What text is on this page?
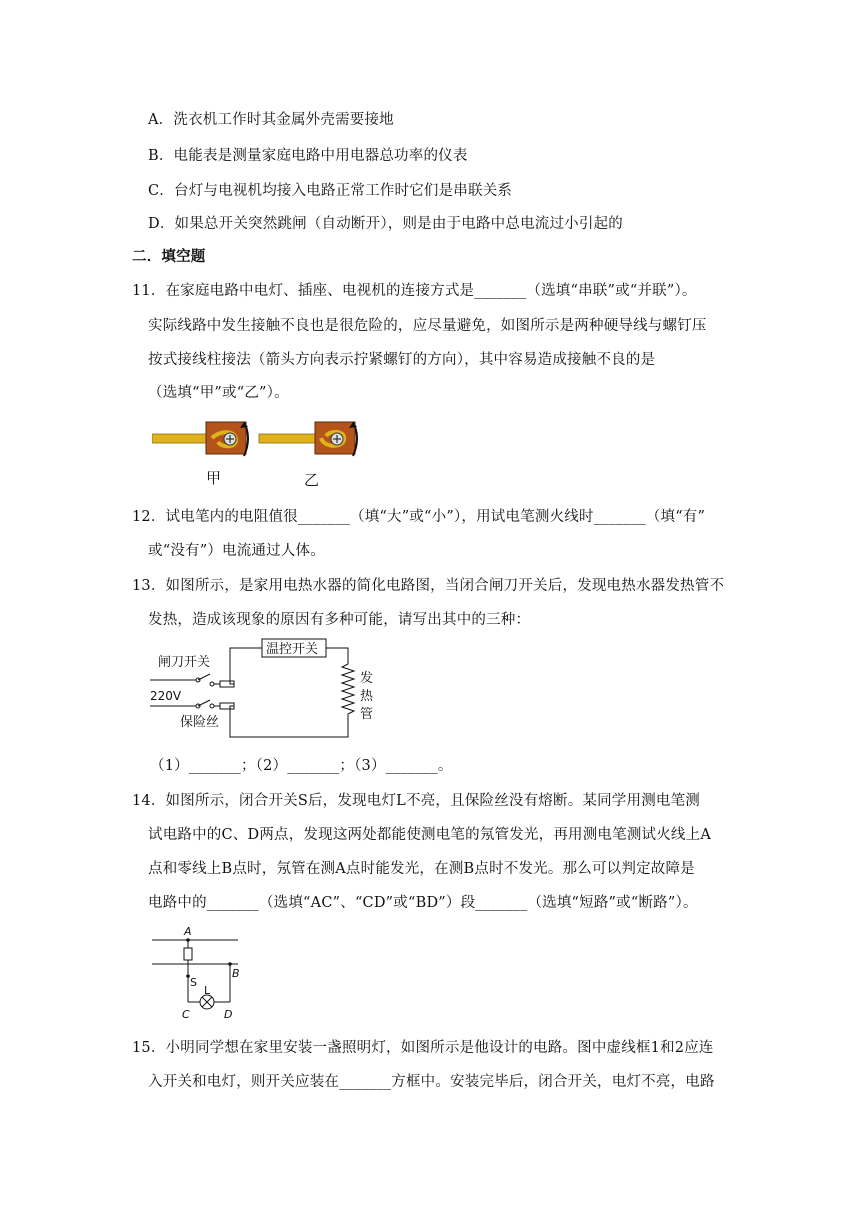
A．洗衣机工作时其金属外壳需要接地
B．电能表是测量家庭电路中用电器总功率的仪表
C．台灯与电视机均接入电路正常工作时它们是串联关系
D．如果总开关突然跳闸（自动断开），则是由于电路中总电流过小引起的
二．填空题
11．在家庭电路中电灯、插座、电视机的连接方式是_______（选填“串联”或“并联”）。
实际线路中发生接触不良也是很危险的，应尽量避免，如图所示是两种硬导线与螺钉压
按式接线柱接法（箭头方向表示拧紧螺钉的方向），其中容易造成接触不良的是
（选填“甲”或“乙”）。
甲	乙
12．试电笔内的电阻值很_______（填“大”或“小”），用试电笔测火线时_______（填“有”
或“没有”）电流通过人体。
13．如图所示，是家用电热水器的简化电路图，当闭合闸刀开关后，发现电热水器发热管不
发热，造成该现象的原因有多种可能，请写出其中的三种：
闸刀开关
220V
保险丝
温控开关
发
热
管
（1）_______；（2）_______；（3）_______。
14．如图所示，闭合开关S后，发现电灯L不亮，且保险丝没有熔断。某同学用测电笔测
试电路中的C、D两点，发现这两处都能使测电笔的氖管发光，再用测电笔测试火线上A
点和零线上B点时，氖管在测A点时能发光，在测B点时不发光。那么可以判定故障是
电路中的_______（选填“AC”、“CD”或“BD”）段_______（选填“短路”或“断路”）。
A
S
L
B
C	D
15．小明同学想在家里安装一盏照明灯，如图所示是他设计的电路。图中虚线框1和2应连
入开关和电灯，则开关应装在_______方框中。安装完毕后，闭合开关，电灯不亮，电路
